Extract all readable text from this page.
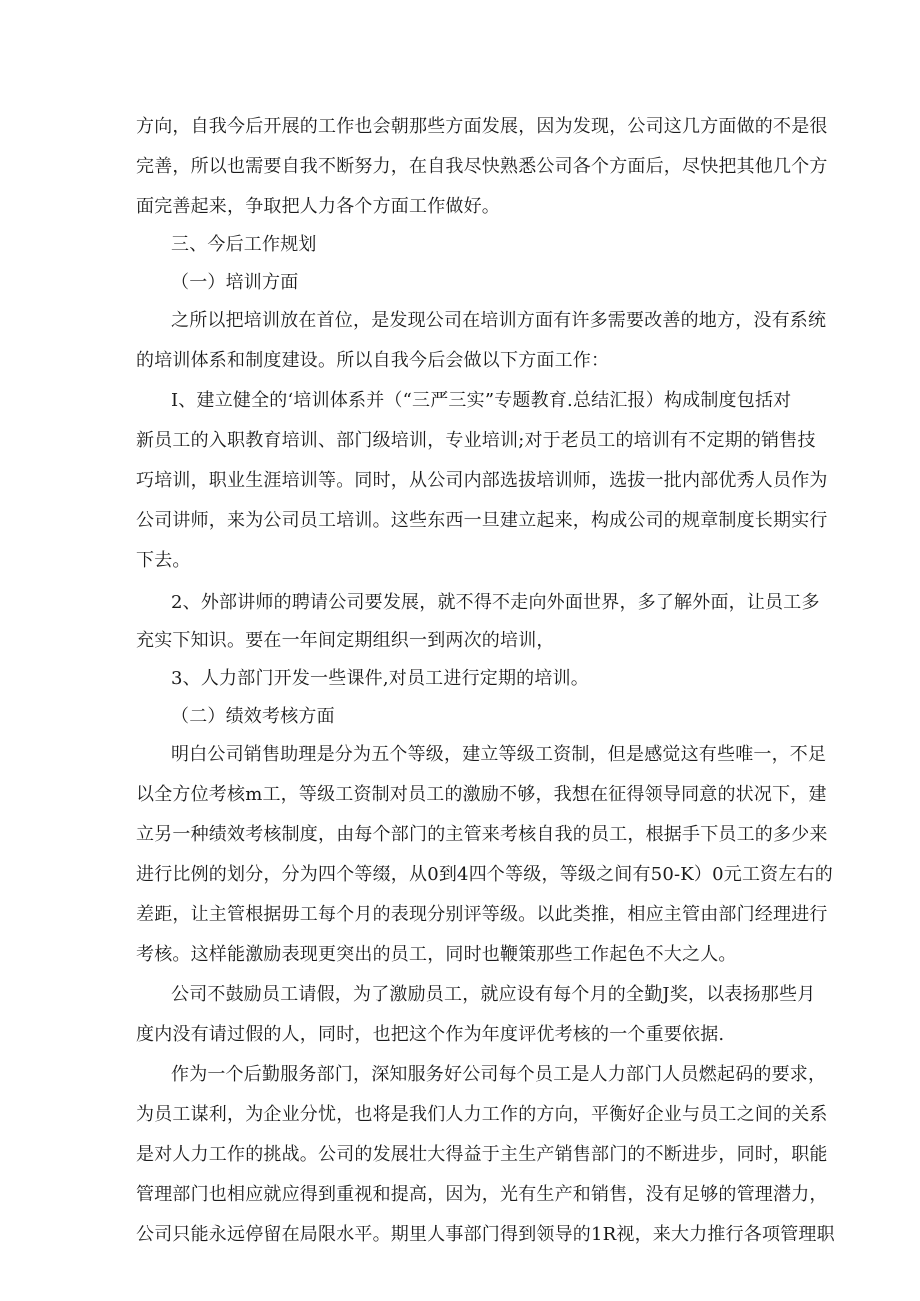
方向，自我今后开展的工作也会朝那些方面发展，因为发现，公司这几方面做的不是很
完善，所以也需要自我不断努力，在自我尽快熟悉公司各个方面后，尽快把其他几个方
面完善起来，争取把人力各个方面工作做好。
三、今后工作规划
（一）培训方面
之所以把培训放在首位，是发现公司在培训方面有许多需要改善的地方，没有系统
的培训体系和制度建设。所以自我今后会做以下方面工作：
I、建立健全的‘培训体系并（“三严三实”专题教育.总结汇报）构成制度包括对
新员工的入职教育培训、部门级培训，专业培训;对于老员工的培训有不定期的销售技
巧培训，职业生涯培训等。同时，从公司内部选拔培训师，选拔一批内部优秀人员作为
公司讲师，来为公司员工培训。这些东西一旦建立起来，构成公司的规章制度长期实行
下去。
2、外部讲师的聘请公司要发展，就不得不走向外面世界，多了解外面，让员工多
充实下知识。要在一年间定期组织一到两次的培训，
3、人力部门开发一些课件,对员工进行定期的培训。
（二）绩效考核方面
明白公司销售助理是分为五个等级，建立等级工资制，但是感觉这有些唯一，不足
以全方位考核m工，等级工资制对员工的激励不够，我想在征得领导同意的状况下，建
立另一种绩效考核制度，由每个部门的主管来考核自我的员工，根据手下员工的多少来
进行比例的划分，分为四个等缀，从0到4四个等级，等级之间有50-K）0元工资左右的
差距，让主管根据毋工每个月的表现分别评等级。以此类推，相应主管由部门经理进行
考核。这样能激励表现更突出的员工，同时也鞭策那些工作起色不大之人。
公司不鼓励员工请假，为了激励员工，就应设有每个月的全勤J奖，以表扬那些月
度内没有请过假的人，同时，也把这个作为年度评优考核的一个重要依据.
作为一个后勤服务部门，深知服务好公司每个员工是人力部门人员燃起码的要求，
为员工谋利，为企业分忧，也将是我们人力工作的方向，平衡好企业与员工之间的关系
是对人力工作的挑战。公司的发展壮大得益于主生产销售部门的不断进步，同时，职能
管理部门也相应就应得到重视和提高，因为，光有生产和销售，没有足够的管理潜力，
公司只能永远停留在局限水平。期里人事部门得到领导的1R视，来大力推行各项管理职
